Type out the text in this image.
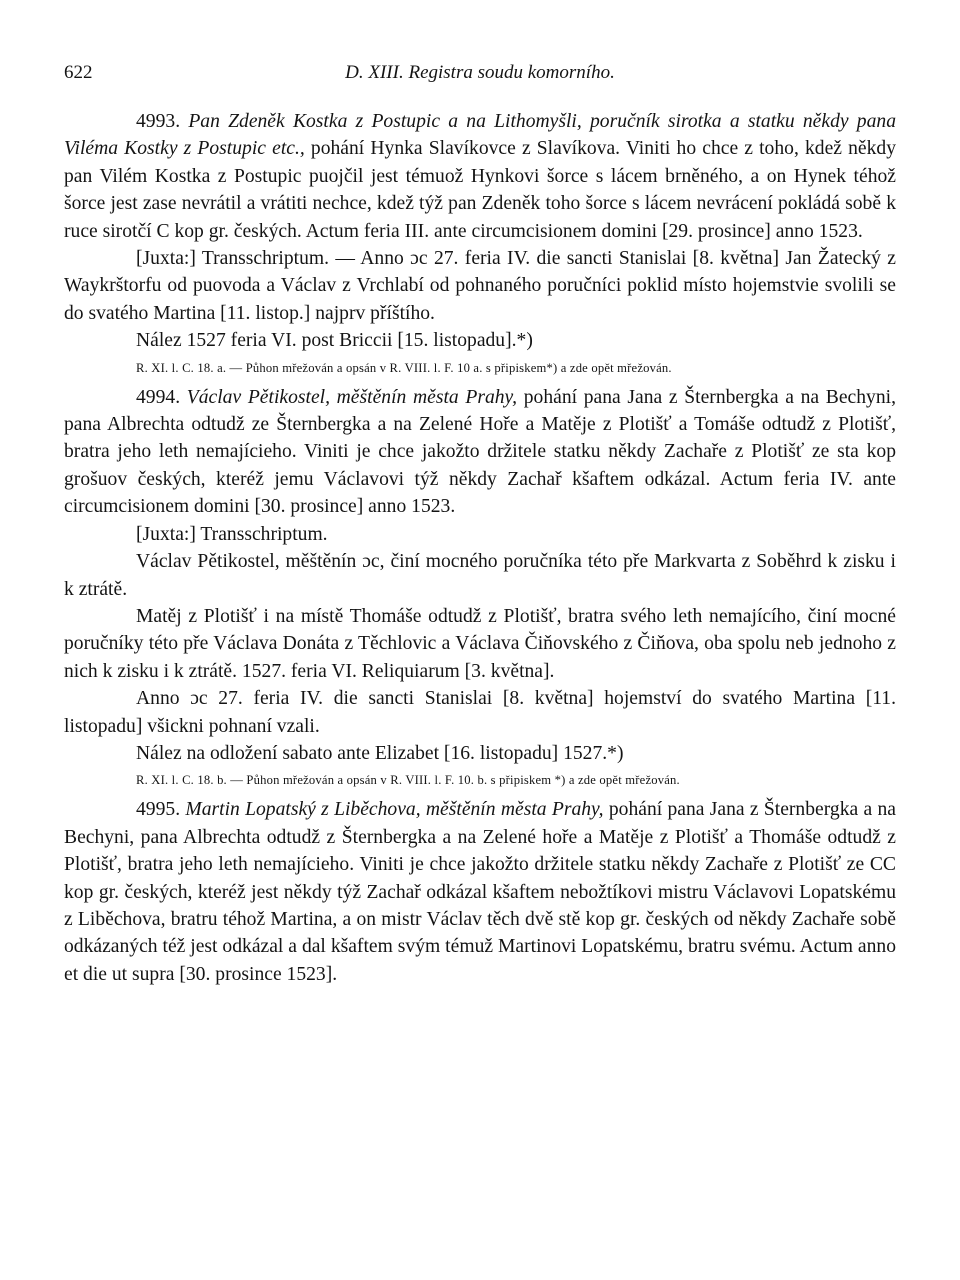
622	D. XIII. Registra soudu komorního.

4993. Pan Zdeněk Kostka z Postupic a na Lithomyšli, poručník sirotka a statku někdy pana Viléma Kostky z Postupic etc., pohání Hynka Slavíkovce z Slavíkova. Viniti ho chce z toho, kdež někdy pan Vilém Kostka z Postupic puojčil jest témuož Hynkovi šorce s lácem brněného, a on Hynek téhož šorce jest zase nevrátil a vrátiti nechce, kdež týž pan Zdeněk toho šorce s lácem nevrácení pokládá sobě k ruce sirotčí C kop gr. českých. Actum feria III. ante circumcisionem domini [29. prosince] anno 1523.

[Juxta:] Transschriptum. — Anno ɔc 27. feria IV. die sancti Stanislai [8. května] Jan Žatecký z Waykrštorfu od puovoda a Václav z Vrchlabí od pohnaného poručníci poklid místo hojemstvie svolili se do svatého Martina [11. listop.] najprv příštího.

Nález 1527 feria VI. post Briccii [15. listopadu].*)

R. XI. l. C. 18. a. — Půhon mřežován a opsán v R. VIII. l. F. 10 a. s připiskem*) a zde opět mřežován.

4994. Václav Pětikostel, měštěnín města Prahy, pohání pana Jana z Šternbergka a na Bechyni, pana Albrechta odtudž ze Šternbergka a na Zelené Hoře a Matěje z Plotišť a Tomáše odtudž z Plotišť, bratra jeho leth nemajícieho. Viniti je chce jakožto držitele statku někdy Zachaře z Plotišť ze sta kop grošuov českých, kteréž jemu Václavovi týž někdy Zachař kšaftem odkázal. Actum feria IV. ante circumcisionem domini [30. prosince] anno 1523.

[Juxta:] Transschriptum.

Václav Pětikostel, měštěnín ɔc, činí mocného poručníka této pře Markvarta z Soběhrd k zisku i k ztrátě.

Matěj z Plotišť i na místě Thomáše odtudž z Plotišť, bratra svého leth nemajícího, činí mocné poručníky této pře Václava Donáta z Těchlovic a Václava Čiňovského z Čiňova, oba spolu neb jednoho z nich k zisku i k ztrátě. 1527. feria VI. Reliquiarum [3. května].

Anno ɔc 27. feria IV. die sancti Stanislai [8. května] hojemství do svatého Martina [11. listopadu] všickni pohnaní vzali.

Nález na odložení sabato ante Elizabet [16. listopadu] 1527.*)

R. XI. l. C. 18. b. — Půhon mřežován a opsán v R. VIII. l. F. 10. b. s připiskem *) a zde opět mřežován.

4995. Martin Lopatský z Liběchova, měštěnín města Prahy, pohání pana Jana z Šternbergka a na Bechyni, pana Albrechta odtudž z Šternbergka a na Zelené hoře a Matěje z Plotišť a Thomáše odtudž z Plotišť, bratra jeho leth nemajícieho. Viniti je chce jakožto držitele statku někdy Zachaře z Plotišť ze CC kop gr. českých, kteréž jest někdy týž Zachař odkázal kšaftem nebožtíkovi mistru Václavovi Lopatskému z Liběchova, bratru téhož Martina, a on mistr Václav těch dvě stě kop gr. českých od někdy Zachaře sobě odkázaných též jest odkázal a dal kšaftem svým témuž Martinovi Lopatskému, bratru svému. Actum anno et die ut supra [30. prosince 1523].
